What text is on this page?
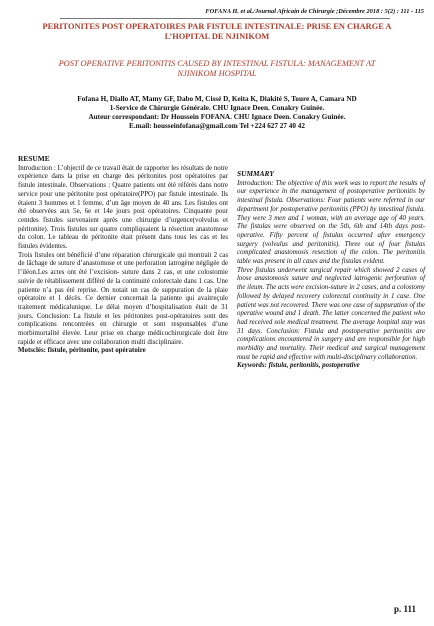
FOFANA H. et al./Journal Africain de Chirurgie ;Décembre 2018 : 5(2) : 111 - 115
PERITONITES POST OPERATOIRES PAR FISTULE INTESTINALE: PRISE EN CHARGE A L’HOPITAL DE NJINIKOM
POST OPERATIVE PERITONITIS CAUSED BY INTESTINAL FISTULA: MANAGEMENT AT NJINIKOM HOSPITAL
Fofana H, Diallo AT, Mamy GF, Dabo M, Cissé D, Keita K, Diakité S, Toure A, Camara ND
1-Service de Chirurgie Générale. CHU Ignace Deen. Conakry Guinée.
Auteur correspondant: Dr Houssein FOFANA. CHU Ignace Deen. Conakry Guinée.
E.mail: housseinfofana@gmail.com Tel +224 627 27 40 42
RESUME

Introduction : L’objectif de ce travail était de rapporter les résultats de notre expérience dans la prise en charge des péritonites post opératoires par fistule intestinale. Observations : Quatre patients ont été référés dans notre service pour une péritonite post opératoire(PPO) par fistule intestinale. Ils étaient 3 hommes et 1 femme, d’un âge moyen de 40 ans. Les fistules ont été observées aux 5e, 6e et 14e jours post opératoires. Cinquante pour centdes fistules survenaient après une chirurgie d’urgence(volvulus et péritonite). Trois fistules sur quatre compliquaient la résection anastomose du colon. Le tableau de péritonite était présent dans tous les cas et les fistules évidentes.

Trois fistules ont bénéficié d’une réparation chirurgicale qui montrait 2 cas de lâchage de suture d’anastomose et une perforation iatrogène négligée de l’iléon.Les actes ont été l’excision- suture dans 2 cas, et une colostomie suivie de rétablissement différé de la continuité colorectale dans 1 cas. Une patiente n’a pas été reprise. On notait un cas de suppuration de la plaie opératoire et 1 décès. Ce dernier concernait la patiente qui avaitreçule traitement médicalunique. Le délai moyen d’hospitalisation était de 31 jours. Conclusion: La fistule et les péritonites post-opératoires sont des complications rencontrées en chirurgie et sont responsables d’une morbimortalité élevée. Leur prise en charge médicochirurgicale doit être rapide et efficace avec une collaboration multi disciplinaire.

Motsclés: fistule, péritonite, post opératoire

SUMMARY

Introduction: The objective of this work was to report the results of our experience in the management of postoperative peritonitis by intestinal fistula. Observations: Four patients were referred in our department for postoperative peritonitis (PPO) by intestinal fistula. They were 3 men and 1 woman, with an average age of 40 years. The fistulas were observed on the 5th, 6th and 14th days post-operative. Fifty percent of fistulas occurred after emergency surgery (volvulus and peritonitis). Three out of four fistulas complicated anastomosis resection of the colon. The peritonitis table was present in all cases and the fistulas evident.

Three fistulas underwent surgical repair which showed 2 cases of loose anastomosis suture and neglected iatrogenic perforation of the ileum. The acts were excision-suture in 2 cases, and a colostomy followed by delayed recovery colorectal continuity in 1 case. One patient was not recovered. There was one case of suppuration of the operative wound and 1 death. The latter concerned the patient who had received sole medical treatment. The average hospital stay was 31 days. Conclusion: Fistula and postoperative peritonitis are complications encountered in surgery and are responsible for high morbidity and mortality. Their medical and surgical management must be rapid and effective with multi-disciplinary collaboration.

Keywords: fistula, peritonitis, postoperative

p. 111
